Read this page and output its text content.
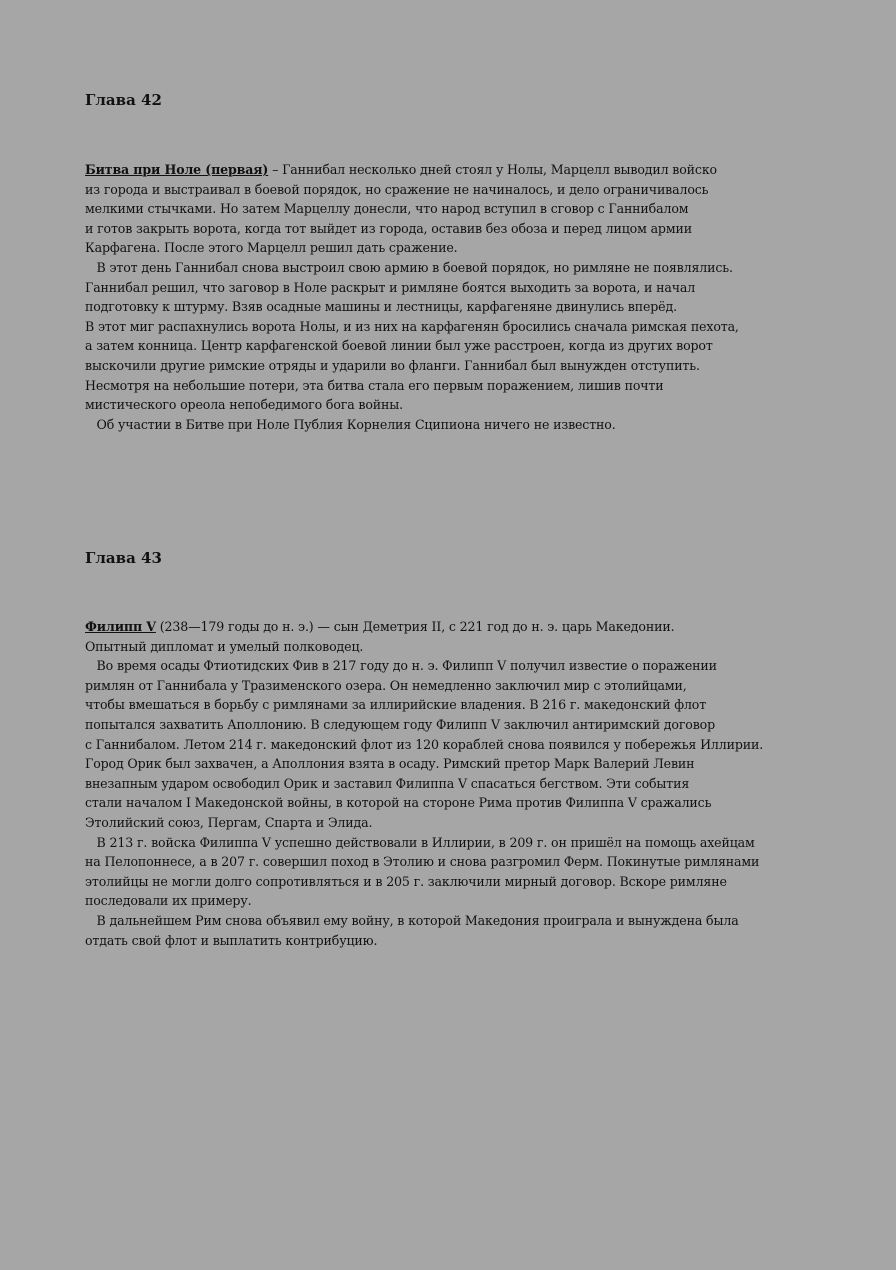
Глава 42
Битва при Ноле (первая) – Ганнибал несколько дней стоял у Нолы, Марцелл выводил войско
из города и выстраивал в боевой порядок, но сражение не начиналось, и дело ограничивалось
мелкими стычками. Но затем Марцеллу донесли, что народ вступил в сговор с Ганнибалом
и готов закрыть ворота, когда тот выйдет из города, оставив без обоза и перед лицом армии
Карфагена. После этого Марцелл решил дать сражение.
В этот день Ганнибал снова выстроил свою армию в боевой порядок, но римляне не появлялись.
Ганнибал решил, что заговор в Ноле раскрыт и римляне боятся выходить за ворота, и начал
подготовку к штурму. Взяв осадные машины и лестницы, карфагеняне двинулись вперёд.
В этот миг распахнулись ворота Нолы, и из них на карфагенян бросились сначала римская пехота,
а затем конница. Центр карфагенской боевой линии был уже расстроен, когда из других ворот
выскочили другие римские отряды и ударили во фланги. Ганнибал был вынужден отступить.
Несмотря на небольшие потери, эта битва стала его первым поражением, лишив почти
мистического ореола непобедимого бога войны.
Об участии в Битве при Ноле Публия Корнелия Сципиона ничего не известно.
Глава 43
Филипп V (238—179 годы до н. э.) — сын Деметрия II, с 221 год до н. э. царь Македонии.
Опытный дипломат и умелый полководец.
Во время осады Фтиотидских Фив в 217 году до н. э. Филипп V получил известие о поражении
римлян от Ганнибала у Тразименского озера. Он немедленно заключил мир с этолийцами,
чтобы вмешаться в борьбу с римлянами за иллирийские владения. В 216 г. македонский флот
попытался захватить Аполлонию. В следующем году Филипп V заключил антиримский договор
с Ганнибалом. Летом 214 г. македонский флот из 120 кораблей снова появился у побережья Иллирии.
Город Орик был захвачен, а Аполлония взята в осаду. Римский претор Марк Валерий Левин
внезапным ударом освободил Орик и заставил Филиппа V спасаться бегством. Эти события
стали началом I Македонской войны, в которой на стороне Рима против Филиппа V сражались
Этолийский союз, Пергам, Спарта и Элида.
В 213 г. войска Филиппа V успешно действовали в Иллирии, в 209 г. он пришёл на помощь ахейцам
на Пелопоннесе, а в 207 г. совершил поход в Этолию и снова разгромил Ферм. Покинутые римлянами
этолийцы не могли долго сопротивляться и в 205 г. заключили мирный договор. Вскоре римляне
последовали их примеру.
В дальнейшем Рим снова объявил ему войну, в которой Македония проиграла и вынуждена была
отдать свой флот и выплатить контрибуцию.
